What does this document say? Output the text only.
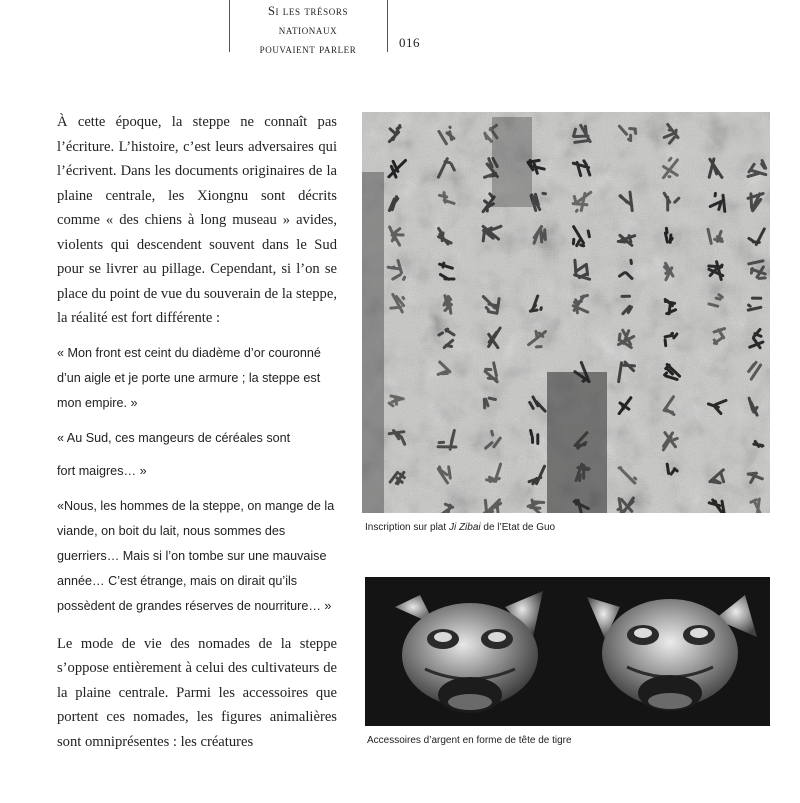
Si les trésors
nationaux
pouvaient parler	016

À cette époque, la steppe ne connaît pas l’écriture. L’histoire, c’est leurs adversaires qui l’écrivent. Dans les documents originaires de la plaine centrale, les Xiongnu sont décrits comme « des chiens à long museau » avides, violents qui descendent souvent dans le Sud pour se livrer au pillage. Cependant, si l’on se place du point de vue du souverain de la steppe, la réalité est fort différente :

« Mon front est ceint du diadème d’or couronné d’un aigle et je porte une armure ; la steppe est mon empire. »

« Au Sud, ces mangeurs de céréales sont

fort maigres… »

«Nous, les hommes de la steppe, on mange de la viande, on boit du lait, nous sommes des guerriers… Mais si l’on tombe sur une mauvaise année… C’est étrange, mais on dirait qu’ils possèdent de grandes réserves de nourriture… »

Le mode de vie des nomades de la steppe s’oppose entièrement à celui des cultivateurs de la plaine centrale. Parmi les accessoires que portent ces nomades, les figures animalières sont omniprésentes : les créatures

Inscription sur plat Ji Zibai de l’Etat de Guo
Accessoires d’argent en forme de tête de tigre
